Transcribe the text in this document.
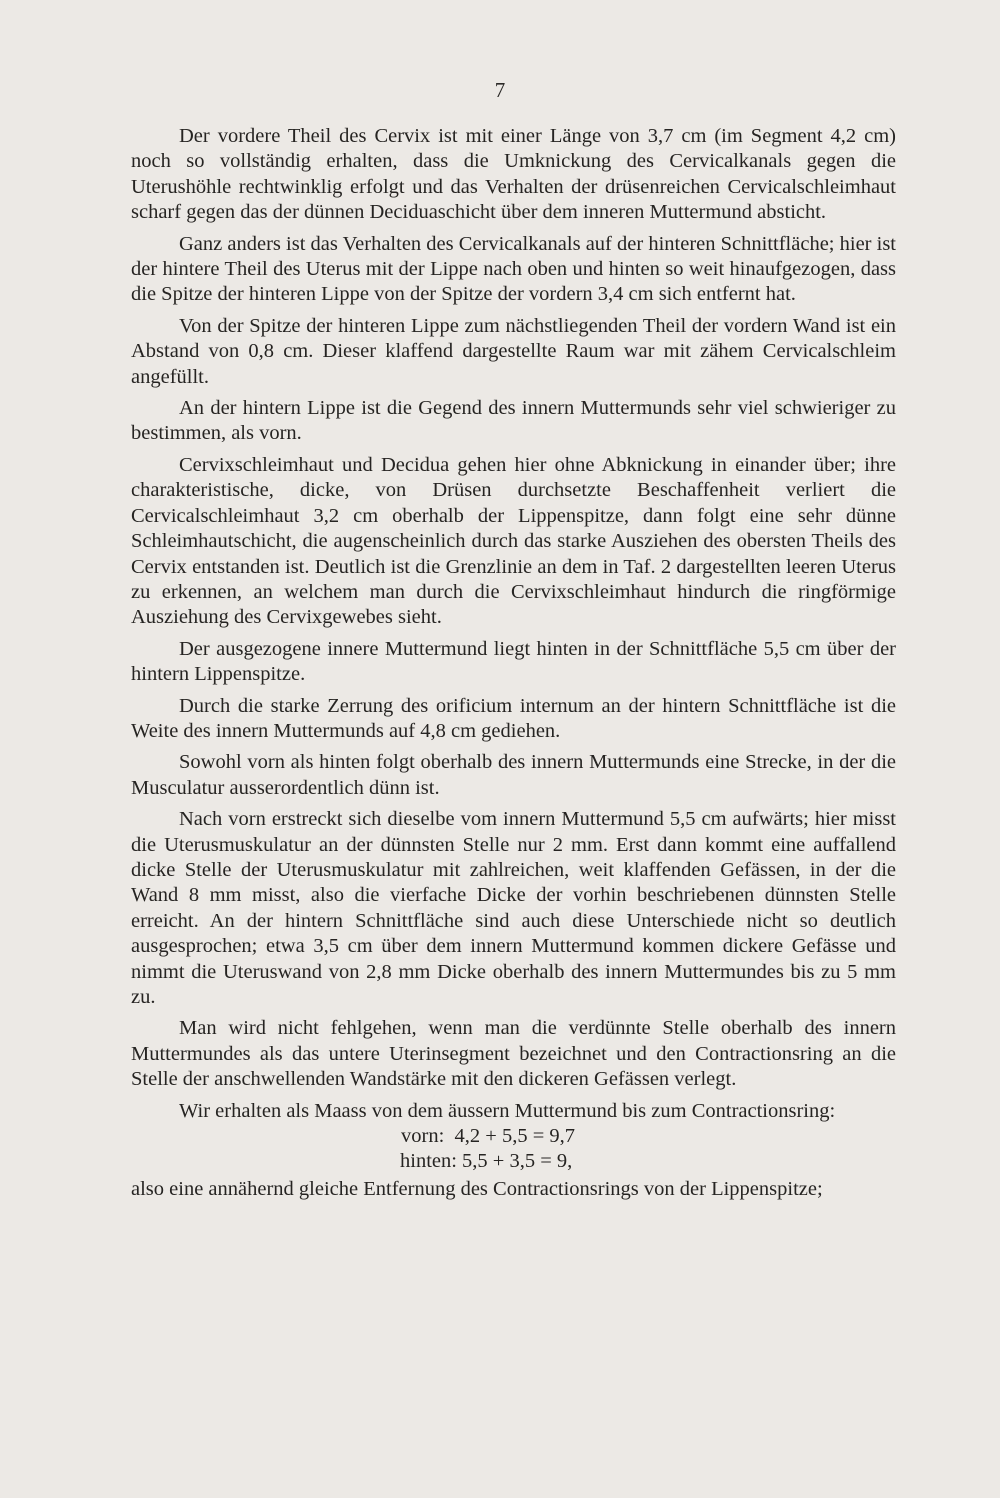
7

Der vordere Theil des Cervix ist mit einer Länge von 3,7 cm (im Segment 4,2 cm) noch so vollständig erhalten, dass die Umknickung des Cervicalkanals gegen die Uterushöhle rechtwinklig erfolgt und das Verhalten der drüsenreichen Cervicalschleimhaut scharf gegen das der dünnen Deciduaschicht über dem inneren Muttermund absticht.

Ganz anders ist das Verhalten des Cervicalkanals auf der hinteren Schnittfläche; hier ist der hintere Theil des Uterus mit der Lippe nach oben und hinten so weit hinaufgezogen, dass die Spitze der hinteren Lippe von der Spitze der vordern 3,4 cm sich entfernt hat.

Von der Spitze der hinteren Lippe zum nächstliegenden Theil der vordern Wand ist ein Abstand von 0,8 cm. Dieser klaffend dargestellte Raum war mit zähem Cervicalschleim angefüllt.

An der hintern Lippe ist die Gegend des innern Muttermunds sehr viel schwieriger zu bestimmen, als vorn.

Cervixschleimhaut und Decidua gehen hier ohne Abknickung in einander über; ihre charakteristische, dicke, von Drüsen durchsetzte Beschaffenheit verliert die Cervicalschleimhaut 3,2 cm oberhalb der Lippenspitze, dann folgt eine sehr dünne Schleimhautschicht, die augenscheinlich durch das starke Ausziehen des obersten Theils des Cervix entstanden ist. Deutlich ist die Grenzlinie an dem in Taf. 2 dargestellten leeren Uterus zu erkennen, an welchem man durch die Cervixschleimhaut hindurch die ringförmige Ausziehung des Cervixgewebes sieht.

Der ausgezogene innere Muttermund liegt hinten in der Schnittfläche 5,5 cm über der hintern Lippenspitze.

Durch die starke Zerrung des orificium internum an der hintern Schnittfläche ist die Weite des innern Muttermunds auf 4,8 cm gediehen.

Sowohl vorn als hinten folgt oberhalb des innern Muttermunds eine Strecke, in der die Musculatur ausserordentlich dünn ist.

Nach vorn erstreckt sich dieselbe vom innern Muttermund 5,5 cm aufwärts; hier misst die Uterusmuskulatur an der dünnsten Stelle nur 2 mm. Erst dann kommt eine auffallend dicke Stelle der Uterusmuskulatur mit zahlreichen, weit klaffenden Gefässen, in der die Wand 8 mm misst, also die vierfache Dicke der vorhin beschriebenen dünnsten Stelle erreicht. An der hintern Schnittfläche sind auch diese Unterschiede nicht so deutlich ausgesprochen; etwa 3,5 cm über dem innern Muttermund kommen dickere Gefässe und nimmt die Uteruswand von 2,8 mm Dicke oberhalb des innern Muttermundes bis zu 5 mm zu.

Man wird nicht fehlgehen, wenn man die verdünnte Stelle oberhalb des innern Muttermundes als das untere Uterinsegment bezeichnet und den Contractionsring an die Stelle der anschwellenden Wandstärke mit den dickeren Gefässen verlegt.

Wir erhalten als Maass von dem äussern Muttermund bis zum Contractionsring:

vorn:  4,2 + 5,5 = 9,7

hinten: 5,5 + 3,5 = 9,

also eine annähernd gleiche Entfernung des Contractionsrings von der Lippenspitze;
